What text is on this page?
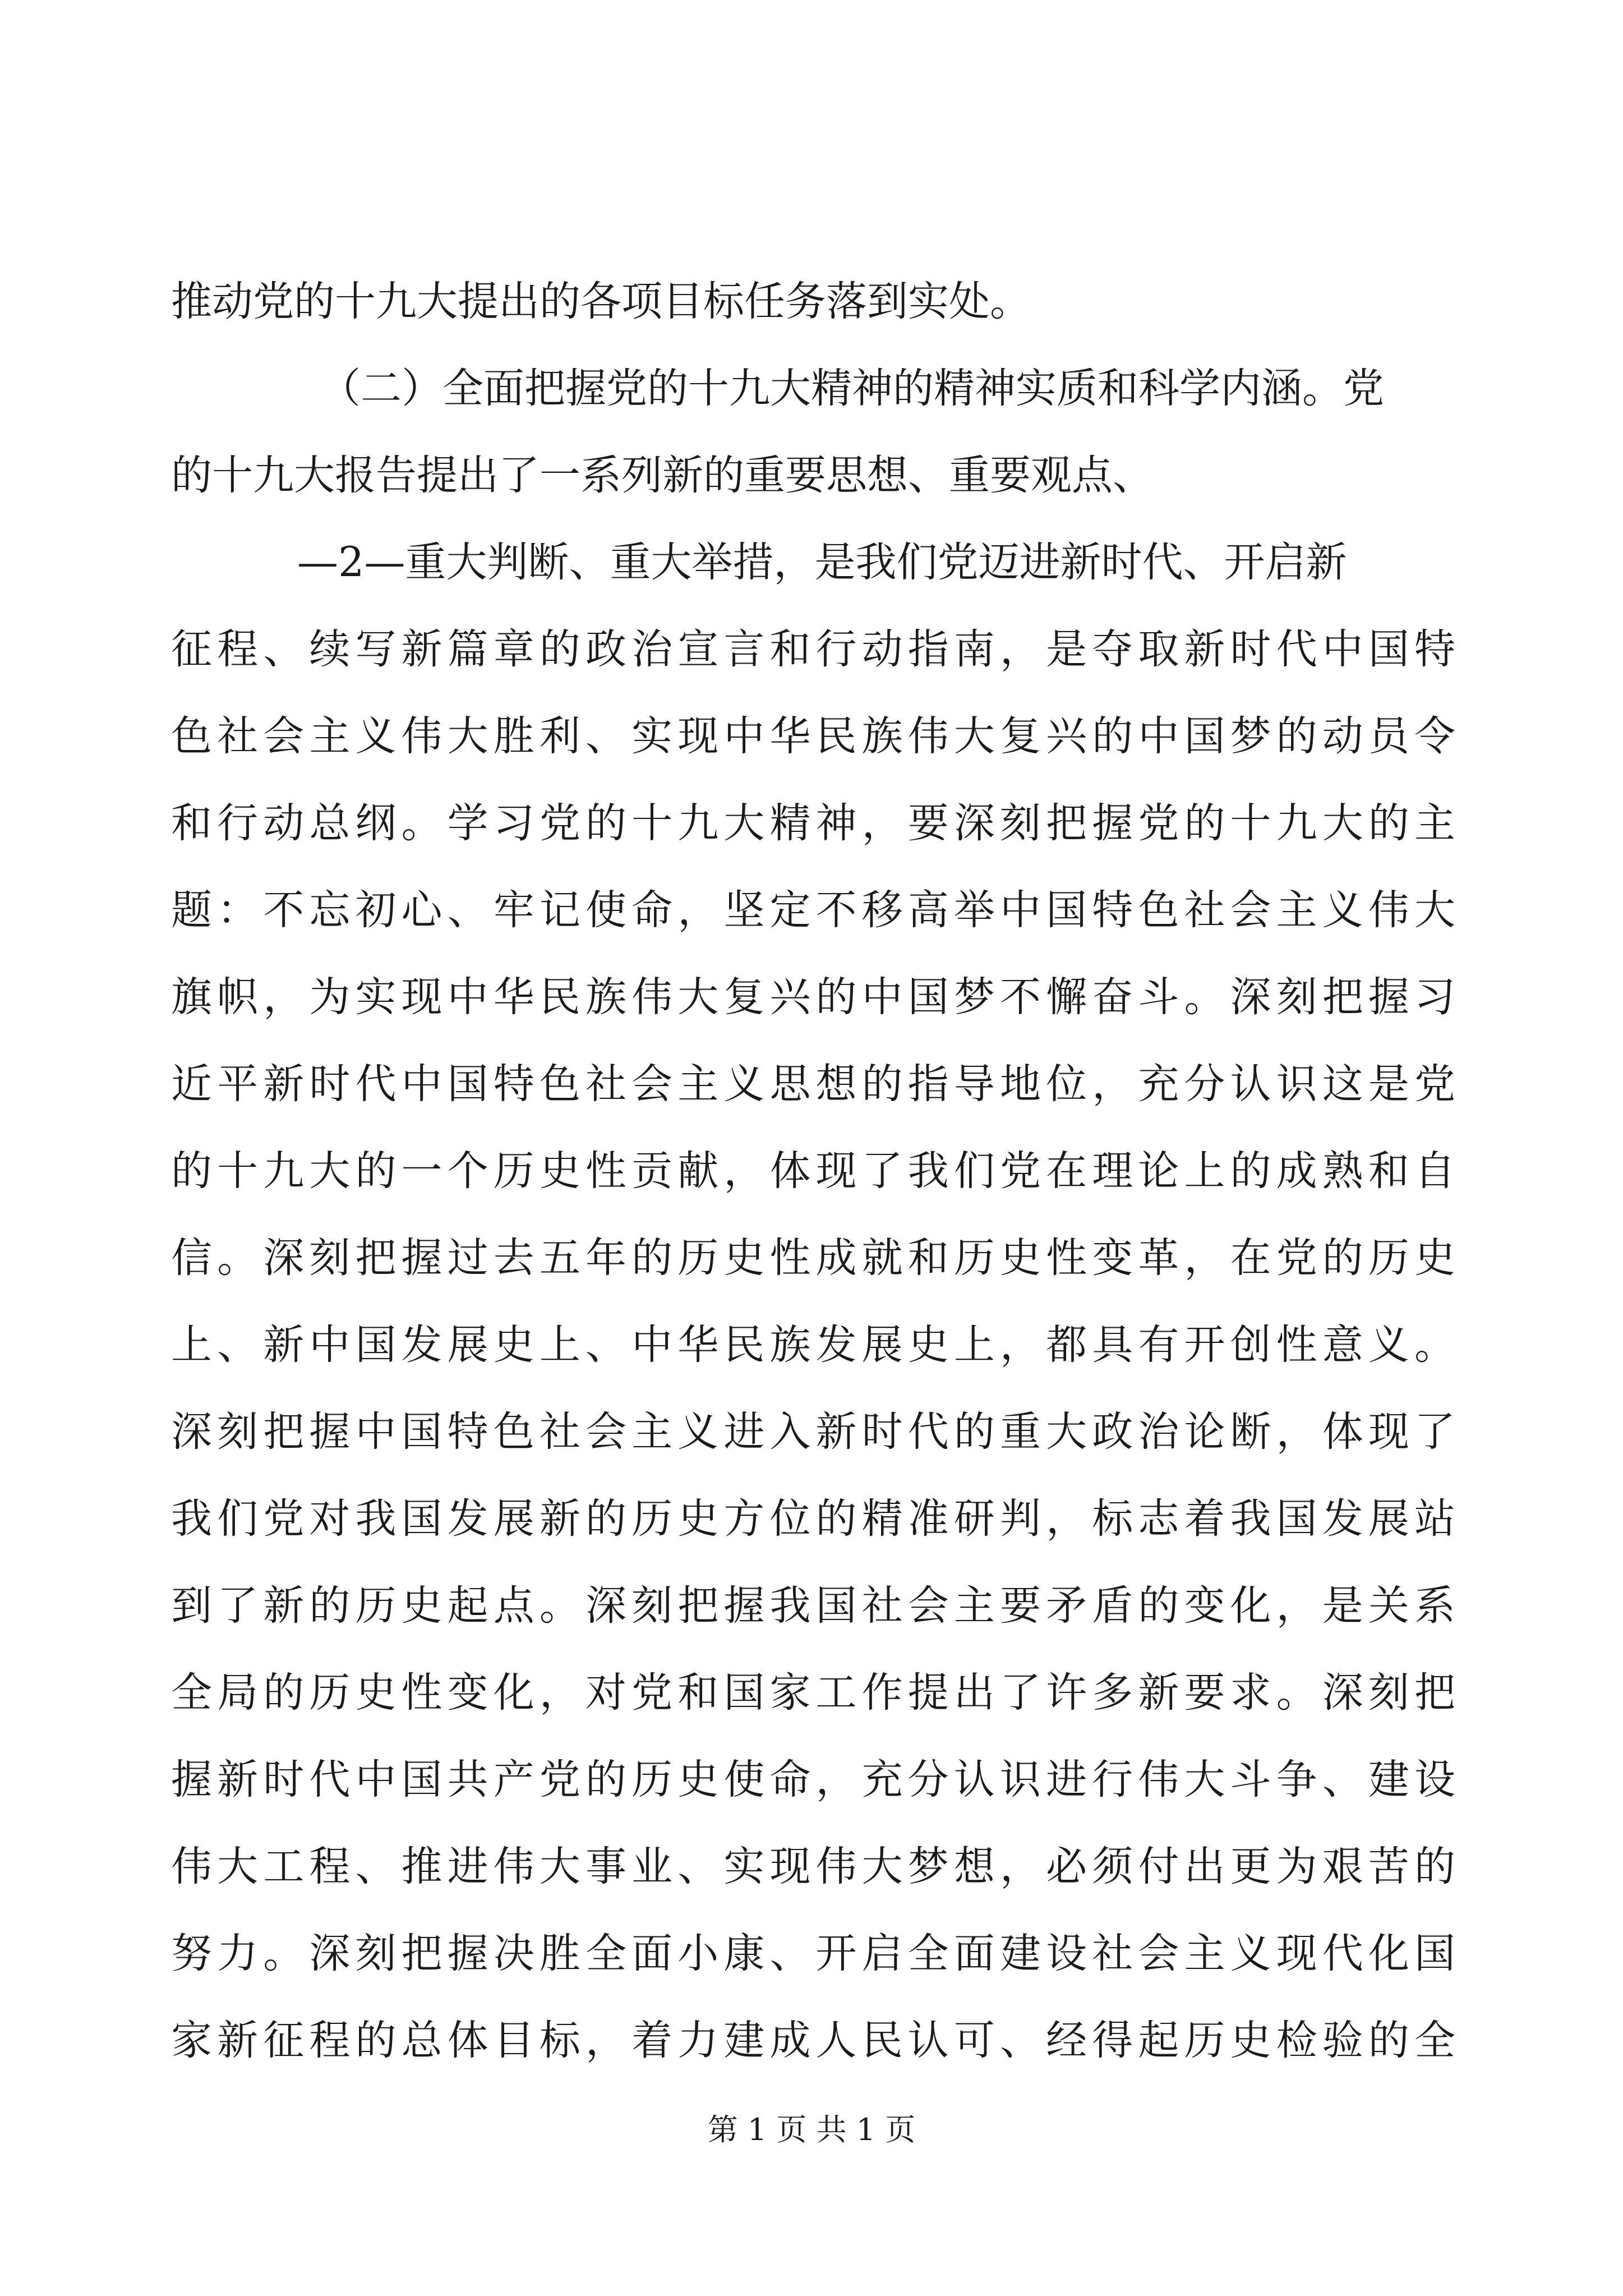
推动党的十九大提出的各项目标任务落到实处。
（二）全面把握党的十九大精神的精神实质和科学内涵。党
的十九大报告提出了一系列新的重要思想、重要观点、
—2—重大判断、重大举措，是我们党迈进新时代、开启新
征程、续写新篇章的政治宣言和行动指南，是夺取新时代中国特
色社会主义伟大胜利、实现中华民族伟大复兴的中国梦的动员令
和行动总纲。学习党的十九大精神，要深刻把握党的十九大的主
题：不忘初心、牢记使命，坚定不移高举中国特色社会主义伟大
旗帜，为实现中华民族伟大复兴的中国梦不懈奋斗。深刻把握习
近平新时代中国特色社会主义思想的指导地位，充分认识这是党
的十九大的一个历史性贡献，体现了我们党在理论上的成熟和自
信。深刻把握过去五年的历史性成就和历史性变革，在党的历史
上、新中国发展史上、中华民族发展史上，都具有开创性意义。
深刻把握中国特色社会主义进入新时代的重大政治论断，体现了
我们党对我国发展新的历史方位的精准研判，标志着我国发展站
到了新的历史起点。深刻把握我国社会主要矛盾的变化，是关系
全局的历史性变化，对党和国家工作提出了许多新要求。深刻把
握新时代中国共产党的历史使命，充分认识进行伟大斗争、建设
伟大工程、推进伟大事业、实现伟大梦想，必须付出更为艰苦的
努力。深刻把握决胜全面小康、开启全面建设社会主义现代化国
家新征程的总体目标，着力建成人民认可、经得起历史检验的全
第 1 页 共 1 页
